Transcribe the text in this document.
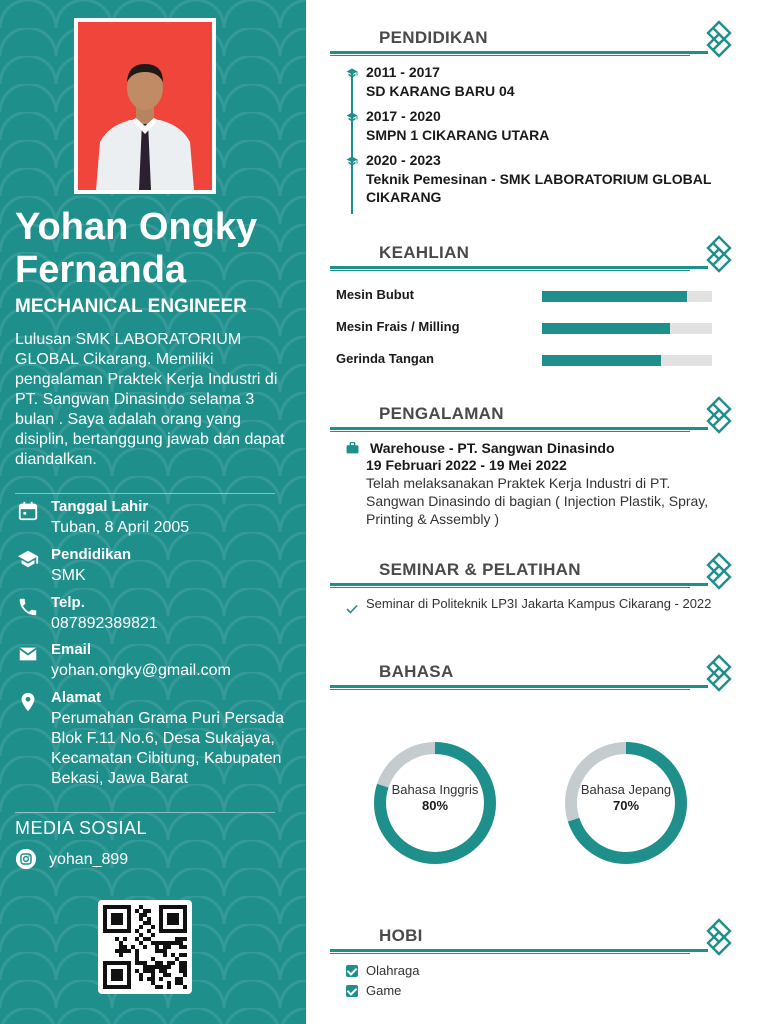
Yohan Ongky Fernanda
MECHANICAL ENGINEER
Lulusan SMK LABORATORIUM GLOBAL Cikarang. Memiliki pengalaman Praktek Kerja Industri di PT. Sangwan Dinasindo selama 3 bulan . Saya adalah orang yang disiplin, bertanggung jawab dan dapat diandalkan.
Tanggal Lahir
Tuban, 8 April 2005
Pendidikan
SMK
Telp.
087892389821
Email
yohan.ongky@gmail.com
Alamat
Perumahan Grama Puri Persada Blok F.11 No.6, Desa Sukajaya, Kecamatan Cibitung, Kabupaten Bekasi, Jawa Barat
MEDIA SOSIAL
yohan_899
PENDIDIKAN
2011 - 2017
SD KARANG BARU 04
2017 - 2020
SMPN 1 CIKARANG UTARA
2020 - 2023
Teknik Pemesinan - SMK LABORATORIUM GLOBAL CIKARANG
KEAHLIAN
Mesin Bubut
Mesin Frais / Milling
Gerinda Tangan
PENGALAMAN
Warehouse - PT. Sangwan Dinasindo
19 Februari 2022 - 19 Mei 2022
Telah melaksanakan Praktek Kerja Industri di PT. Sangwan Dinasindo di bagian ( Injection Plastik, Spray, Printing & Assembly )
SEMINAR & PELATIHAN
Seminar di Politeknik LP3I Jakarta Kampus Cikarang - 2022
BAHASA
Bahasa Inggris
80%
Bahasa Jepang
70%
HOBI
Olahraga
Game
